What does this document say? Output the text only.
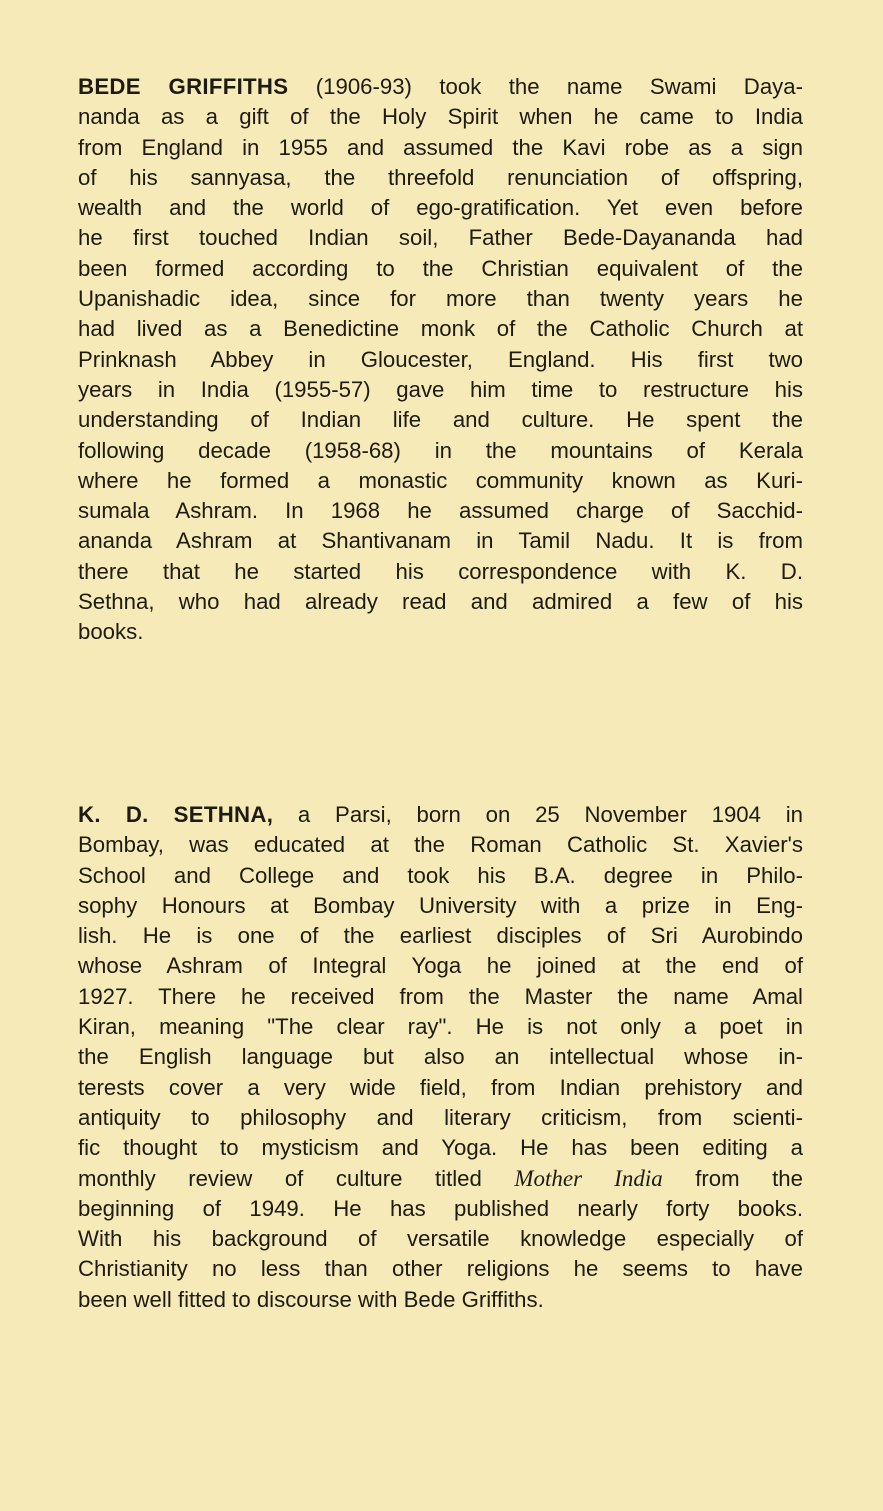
BEDE GRIFFITHS (1906-93) took the name Swami Daya-
nanda as a gift of the Holy Spirit when he came to India
from England in 1955 and assumed the Kavi robe as a sign
of his sannyasa, the threefold renunciation of offspring,
wealth and the world of ego-gratification. Yet even before
he first touched Indian soil, Father Bede-Dayananda had
been formed according to the Christian equivalent of the
Upanishadic idea, since for more than twenty years he
had lived as a Benedictine monk of the Catholic Church at
Prinknash Abbey in Gloucester, England. His first two
years in India (1955-57) gave him time to restructure his
understanding of Indian life and culture. He spent the
following decade (1958-68) in the mountains of Kerala
where he formed a monastic community known as Kuri-
sumala Ashram. In 1968 he assumed charge of Sacchid-
ananda Ashram at Shantivanam in Tamil Nadu. It is from
there that he started his correspondence with K. D.
Sethna, who had already read and admired a few of his
books.
K. D. SETHNA, a Parsi, born on 25 November 1904 in
Bombay, was educated at the Roman Catholic St. Xavier's
School and College and took his B.A. degree in Philo-
sophy Honours at Bombay University with a prize in Eng-
lish. He is one of the earliest disciples of Sri Aurobindo
whose Ashram of Integral Yoga he joined at the end of
1927. There he received from the Master the name Amal
Kiran, meaning "The clear ray". He is not only a poet in
the English language but also an intellectual whose in-
terests cover a very wide field, from Indian prehistory and
antiquity to philosophy and literary criticism, from scienti-
fic thought to mysticism and Yoga. He has been editing a
monthly review of culture titled Mother India from the
beginning of 1949. He has published nearly forty books.
With his background of versatile knowledge especially of
Christianity no less than other religions he seems to have
been well fitted to discourse with Bede Griffiths.
